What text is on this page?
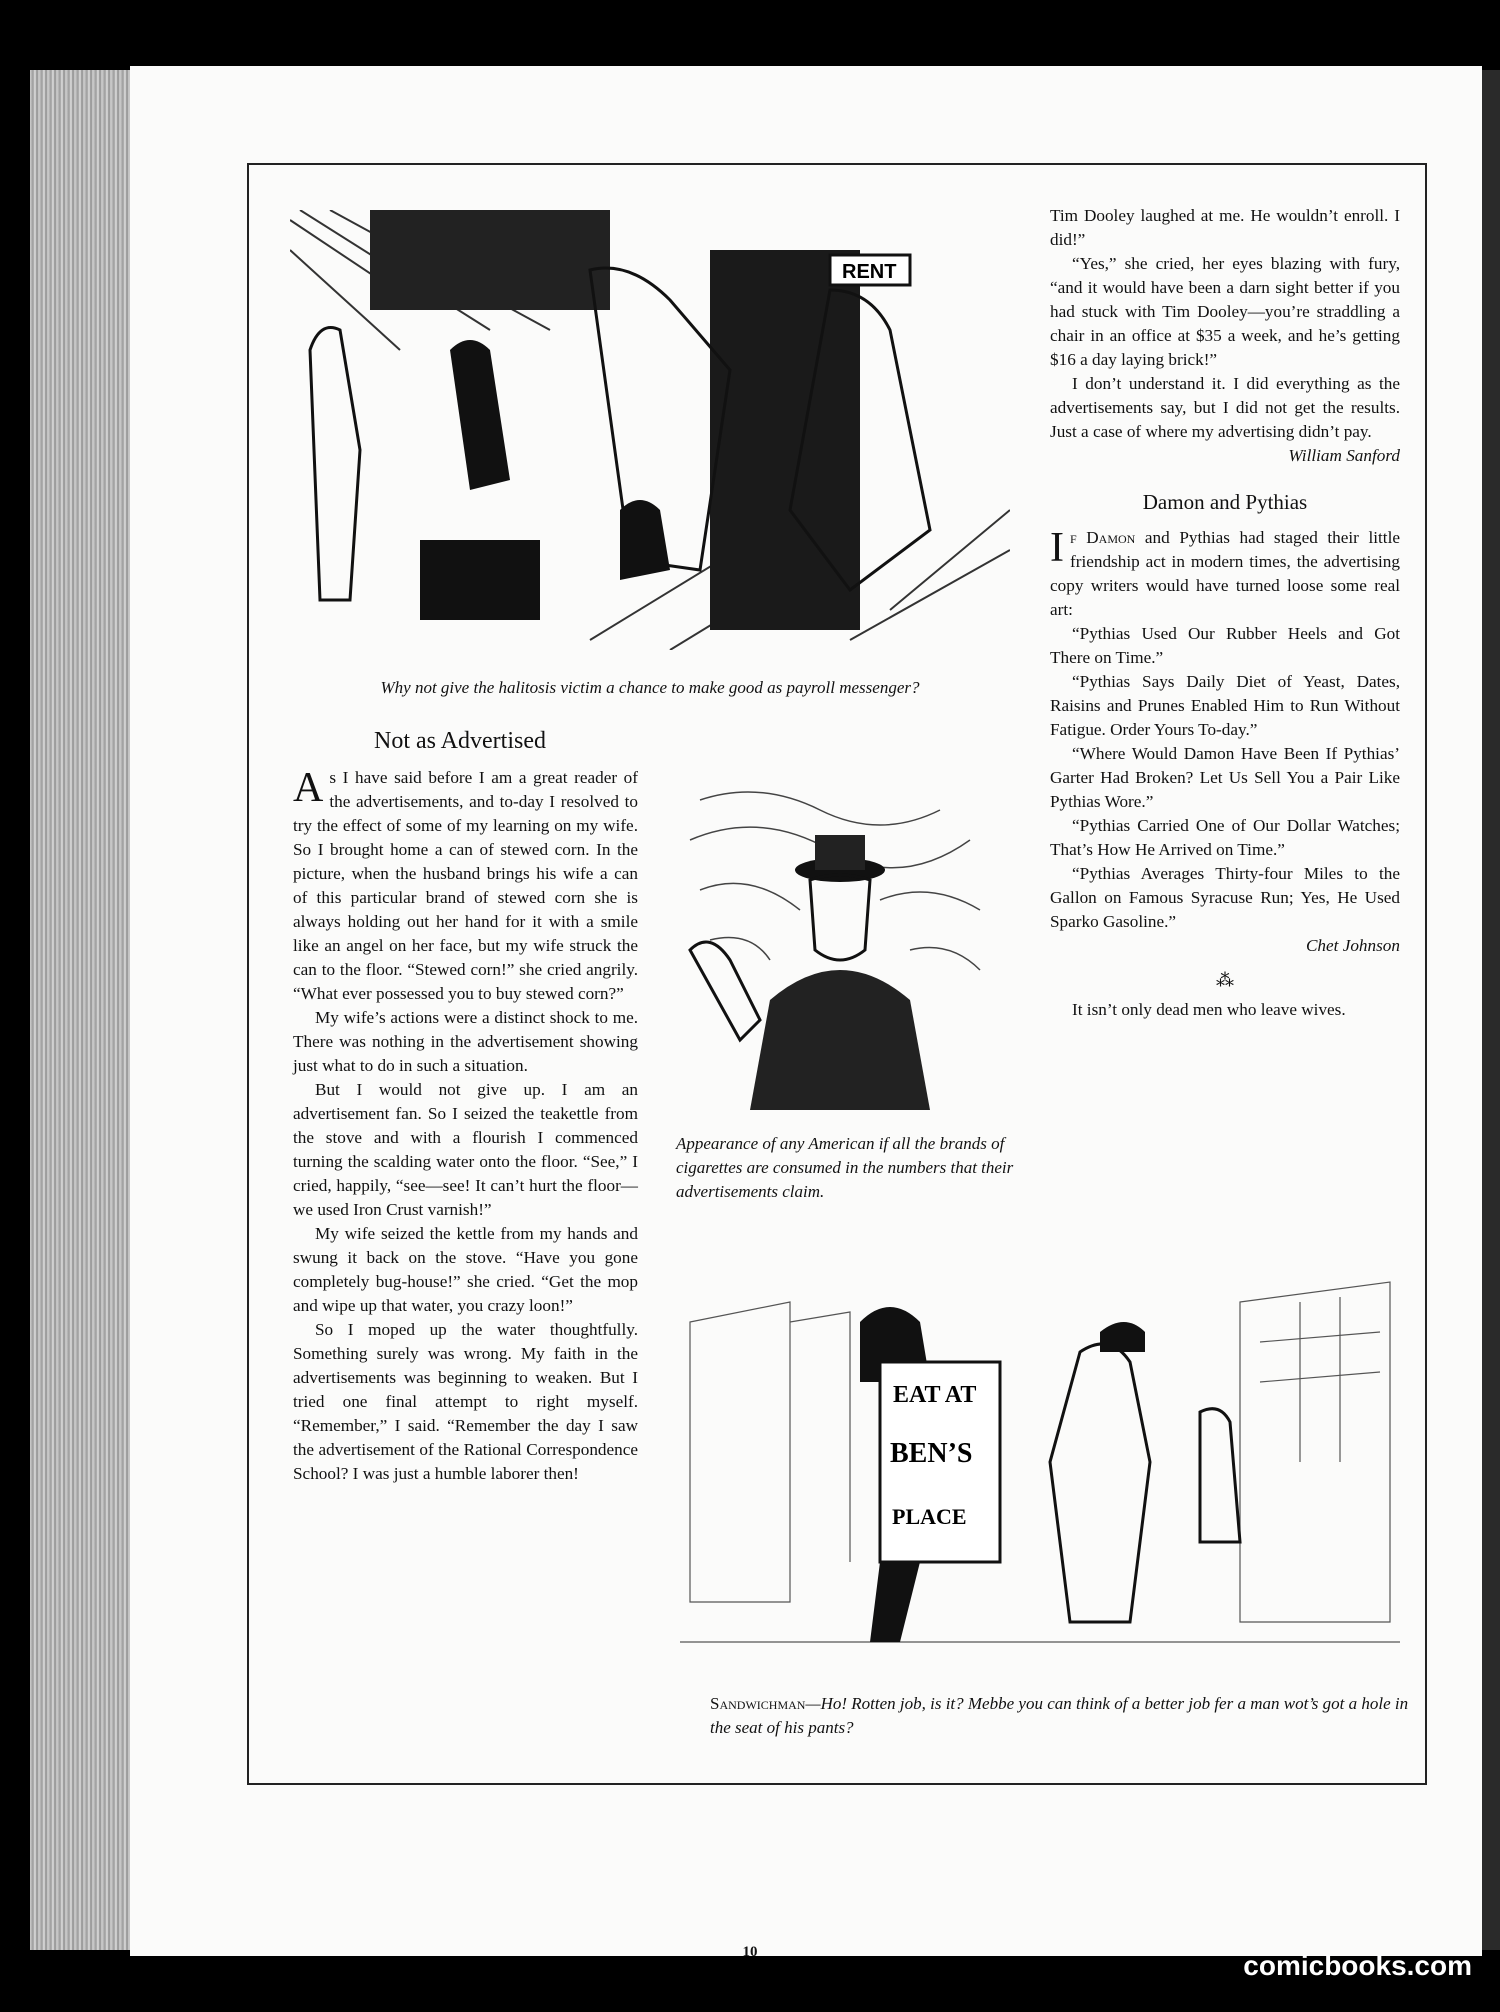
RENT
Why not give the halitosis victim a chance to make good as payroll messenger?
Not as Advertised

As I have said before I am a great reader of the advertisements, and to-day I resolved to try the effect of some of my learning on my wife. So I brought home a can of stewed corn. In the picture, when the husband brings his wife a can of this particular brand of stewed corn she is always holding out her hand for it with a smile like an angel on her face, but my wife struck the can to the floor. “Stewed corn!” she cried angrily. “What ever possessed you to buy stewed corn?”

My wife’s actions were a distinct shock to me. There was nothing in the advertisement showing just what to do in such a situation.

But I would not give up. I am an advertisement fan. So I seized the teakettle from the stove and with a flourish I commenced turning the scalding water onto the floor. “See,” I cried, happily, “see—see! It can’t hurt the floor—we used Iron Crust varnish!”

My wife seized the kettle from my hands and swung it back on the stove. “Have you gone completely bug-house!” she cried. “Get the mop and wipe up that water, you crazy loon!”

So I moped up the water thoughtfully. Something surely was wrong. My faith in the advertisements was beginning to weaken. But I tried one final attempt to right myself. “Remember,” I said. “Remember the day I saw the advertisement of the Rational Correspondence School? I was just a humble laborer then!

Appearance of any American if all the brands of cigarettes are consumed in the numbers that their advertisements claim.

Tim Dooley laughed at me. He wouldn’t enroll. I did!”

“Yes,” she cried, her eyes blazing with fury, “and it would have been a darn sight better if you had stuck with Tim Dooley—you’re straddling a chair in an office at $35 a week, and he’s getting $16 a day laying brick!”

I don’t understand it. I did everything as the advertisements say, but I did not get the results. Just a case of where my advertising didn’t pay.

William Sanford

Damon and Pythias

If Damon and Pythias had staged their little friendship act in modern times, the advertising copy writers would have turned loose some real art:

“Pythias Used Our Rubber Heels and Got There on Time.”

“Pythias Says Daily Diet of Yeast, Dates, Raisins and Prunes Enabled Him to Run Without Fatigue. Order Yours To-day.”

“Where Would Damon Have Been If Pythias’ Garter Had Broken? Let Us Sell You a Pair Like Pythias Wore.”

“Pythias Carried One of Our Dollar Watches; That’s How He Arrived on Time.”

“Pythias Averages Thirty-four Miles to the Gallon on Famous Syracuse Run; Yes, He Used Sparko Gasoline.”

Chet Johnson

⁂

It isn’t only dead men who leave wives.

EAT AT
BEN’S
PLACE
Sandwichman—Ho! Rotten job, is it? Mebbe you can think of a better job fer a man wot’s got a hole in the seat of his pants?
10	comicbooks.com
